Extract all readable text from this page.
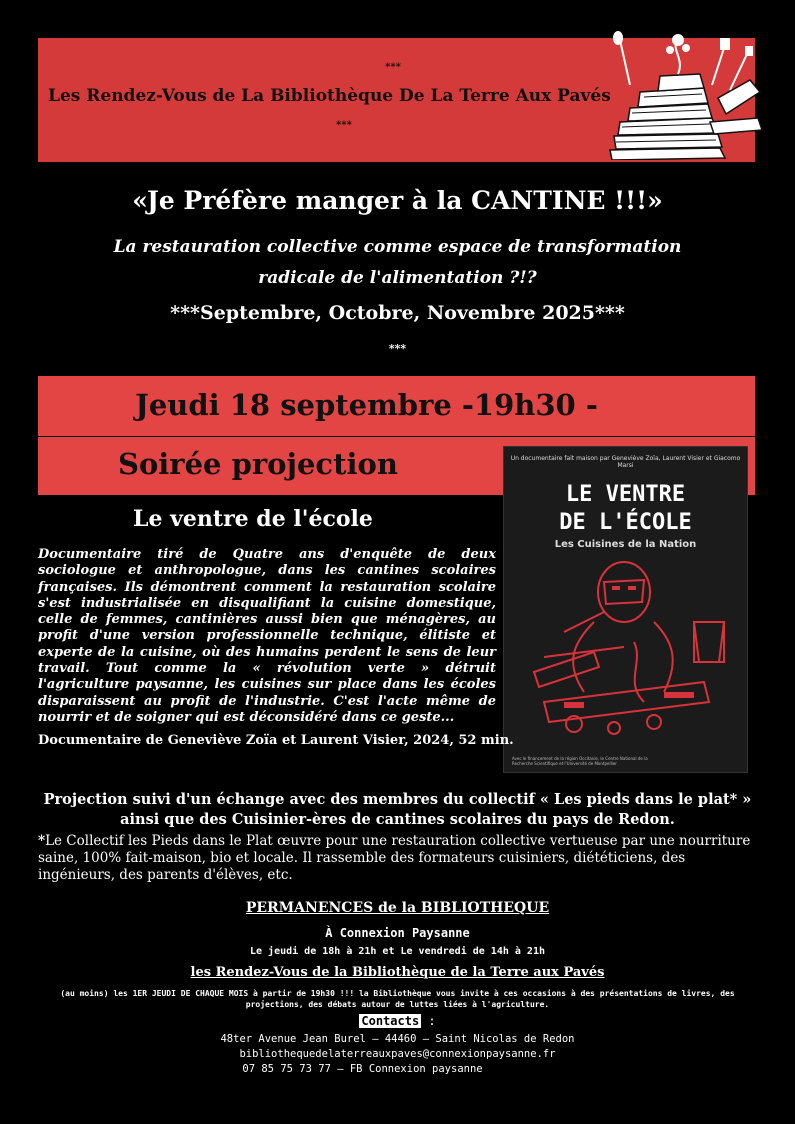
***
Les Rendez-Vous de La Bibliothèque De La Terre Aux Pavés
***
«Je Préfère manger à la CANTINE !!!»
La restauration collective comme espace de transformation
radicale de l'alimentation ?!?
***Septembre, Octobre, Novembre 2025***
***
Jeudi 18 septembre -19h30 -
Soirée projection	Un documentaire fait maison par Geneviève Zoïa, Laurent Visier et Giacomo Marsi
LE VENTRE
DE L'ÉCOLE
Les Cuisines de la Nation
Avec le financement de la région Occitanie, le Centre National de la Recherche Scientifique et l'Université de Montpellier
Le ventre de l'école
Documentaire tiré de Quatre ans d'enquête de deux sociologue et anthropologue, dans les cantines scolaires françaises. Ils démontrent comment la restauration scolaire s'est industrialisée en disqualifiant la cuisine domestique, celle de femmes, cantinières aussi bien que ménagères, au profit d'une version professionnelle technique, élitiste et experte de la cuisine, où des humains perdent le sens de leur travail. Tout comme la « révolution verte » détruit l'agriculture paysanne, les cuisines sur place dans les écoles disparaissent au profit de l'industrie. C'est l'acte même de nourrir et de soigner qui est déconsidéré dans ce geste...
Documentaire de Geneviève Zoïa et Laurent Visier, 2024, 52 min.
Projection suivi d'un échange avec des membres du collectif « Les pieds dans le plat* »
ainsi que des Cuisinier-ères de cantines scolaires du pays de Redon.
*Le Collectif les Pieds dans le Plat œuvre pour une restauration collective vertueuse par une nourriture saine, 100% fait-maison, bio et locale. Il rassemble des formateurs cuisiniers, diététiciens, des ingénieurs, des parents d'élèves, etc.
PERMANENCES de la BIBLIOTHEQUE
À Connexion Paysanne
Le jeudi de 18h à 21h et Le vendredi de 14h à 21h
les Rendez-Vous de la Bibliothèque de la Terre aux Pavés
(au moins) les 1ER JEUDI DE CHAQUE MOIS à partir de 19h30 !!! la Bibliothèque vous invite à ces occasions à des présentations de livres, des projections, des débats autour de luttes liées à l'agriculture.
Contacts :
48ter Avenue Jean Burel – 44460 – Saint Nicolas de Redon
bibliothequedelaterreauxpaves@connexionpaysanne.fr
07 85 75 73 77 – FB Connexion paysanne
